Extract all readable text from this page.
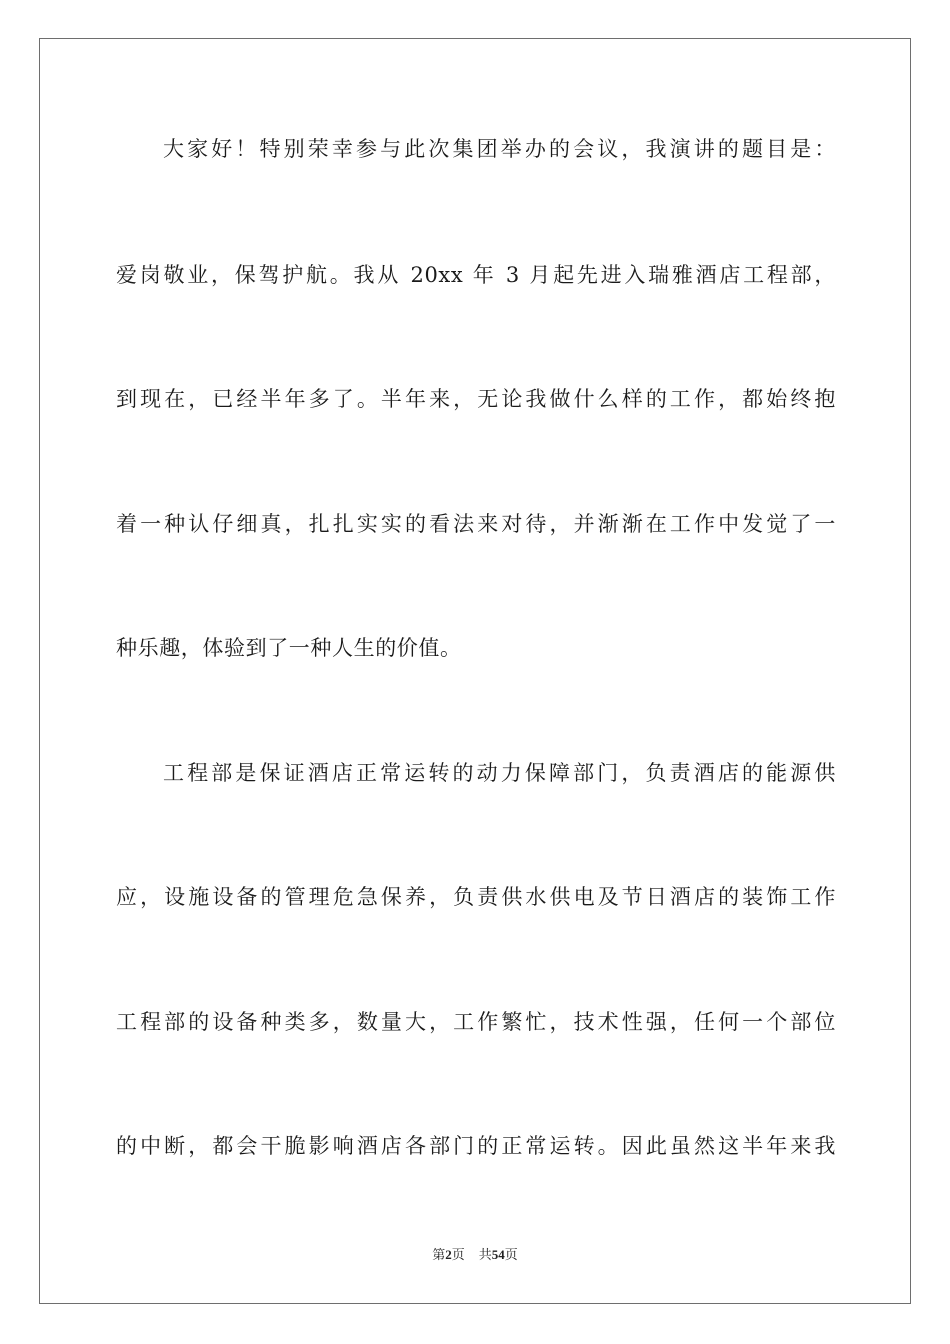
大家好！特别荣幸参与此次集团举办的会议，我演讲的题目是：
爱岗敬业，保驾护航。我从 20xx 年 3 月起先进入瑞雅酒店工程部，
到现在，已经半年多了。半年来，无论我做什么样的工作，都始终抱
着一种认仔细真，扎扎实实的看法来对待，并渐渐在工作中发觉了一
种乐趣，体验到了一种人生的价值。
工程部是保证酒店正常运转的动力保障部门，负责酒店的能源供
应，设施设备的管理危急保养，负责供水供电及节日酒店的装饰工作
工程部的设备种类多，数量大，工作繁忙，技术性强，任何一个部位
的中断，都会干脆影响酒店各部门的正常运转。因此虽然这半年来我
第2页 共54页
